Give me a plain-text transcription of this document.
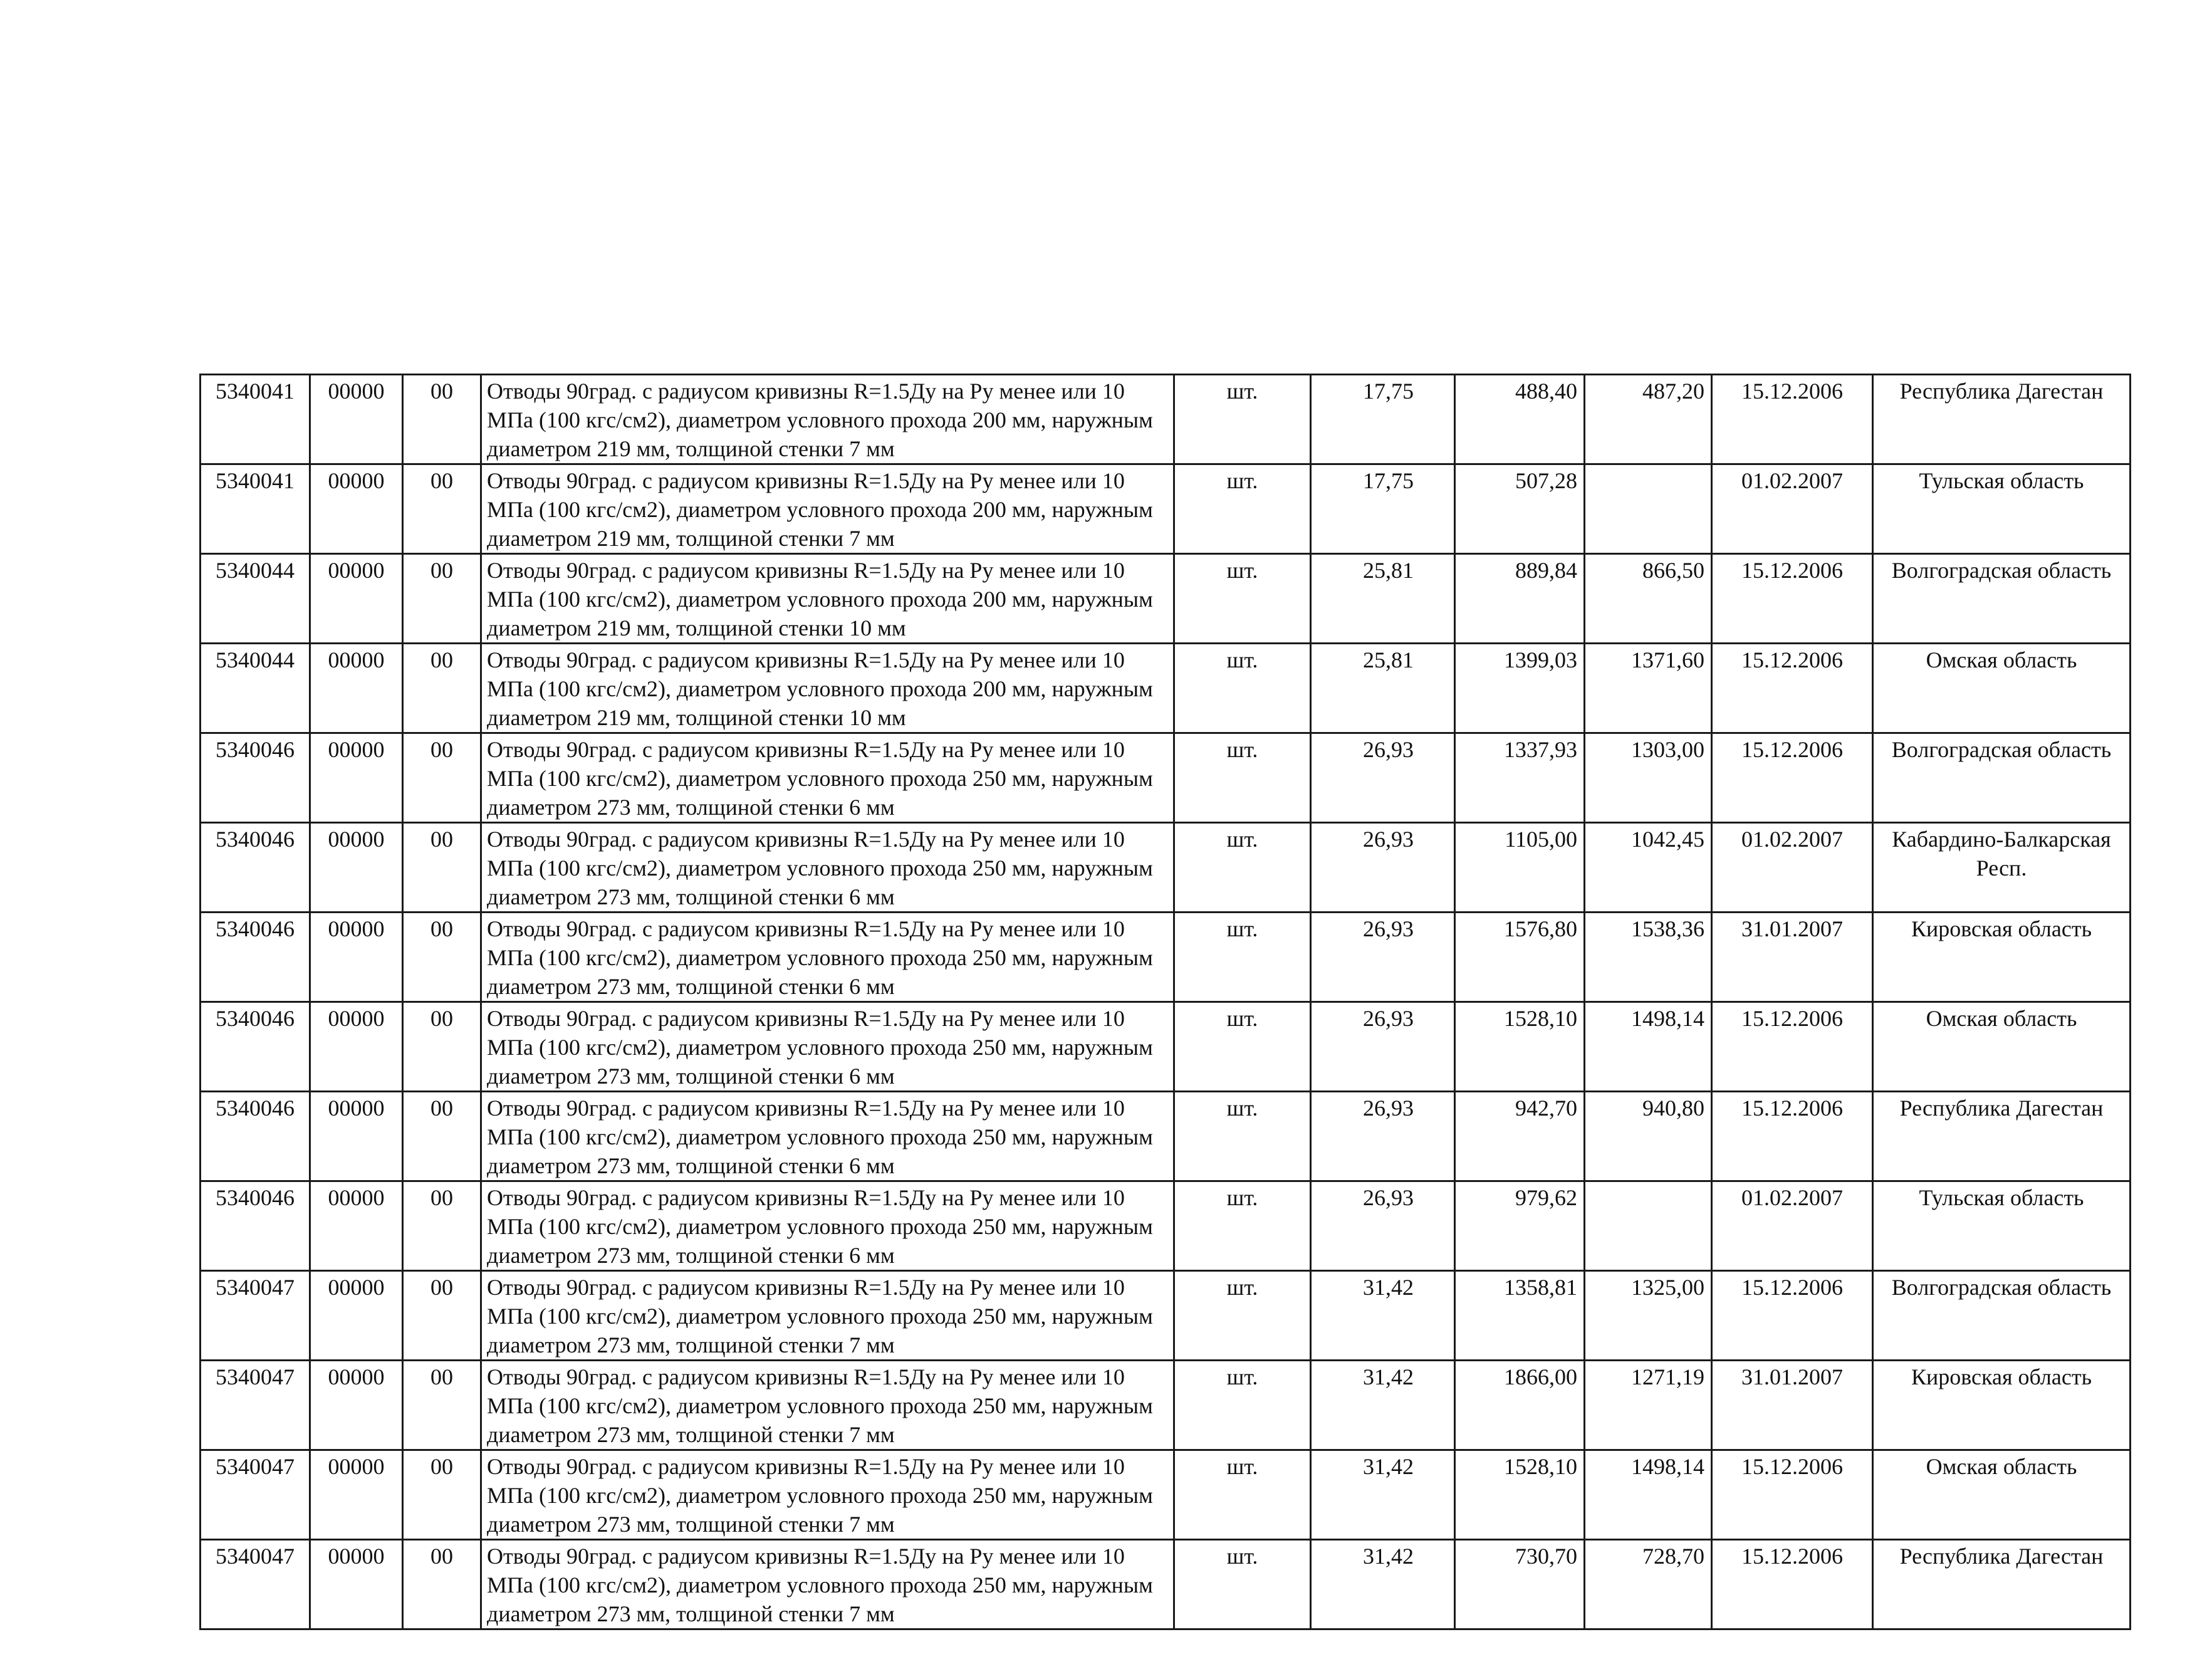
5340041	00000	00	Отводы 90град. с радиусом кривизны R=1.5Ду на Ру менее или 10 МПа (100 кгс/см2), диаметром условного прохода 200 мм, наружным диаметром 219 мм, толщиной стенки 7 мм	шт.	17,75	488,40	487,20	15.12.2006	Республика Дагестан
5340041	00000	00	Отводы 90град. с радиусом кривизны R=1.5Ду на Ру менее или 10 МПа (100 кгс/см2), диаметром условного прохода 200 мм, наружным диаметром 219 мм, толщиной стенки 7 мм	шт.	17,75	507,28		01.02.2007	Тульская область
5340044	00000	00	Отводы 90град. с радиусом кривизны R=1.5Ду на Ру менее или 10 МПа (100 кгс/см2), диаметром условного прохода 200 мм, наружным диаметром 219 мм, толщиной стенки 10 мм	шт.	25,81	889,84	866,50	15.12.2006	Волгоградская область
5340044	00000	00	Отводы 90град. с радиусом кривизны R=1.5Ду на Ру менее или 10 МПа (100 кгс/см2), диаметром условного прохода 200 мм, наружным диаметром 219 мм, толщиной стенки 10 мм	шт.	25,81	1399,03	1371,60	15.12.2006	Омская область
5340046	00000	00	Отводы 90град. с радиусом кривизны R=1.5Ду на Ру менее или 10 МПа (100 кгс/см2), диаметром условного прохода 250 мм, наружным диаметром 273 мм, толщиной стенки 6 мм	шт.	26,93	1337,93	1303,00	15.12.2006	Волгоградская область
5340046	00000	00	Отводы 90град. с радиусом кривизны R=1.5Ду на Ру менее или 10 МПа (100 кгс/см2), диаметром условного прохода 250 мм, наружным диаметром 273 мм, толщиной стенки 6 мм	шт.	26,93	1105,00	1042,45	01.02.2007	Кабардино-Балкарская Респ.
5340046	00000	00	Отводы 90град. с радиусом кривизны R=1.5Ду на Ру менее или 10 МПа (100 кгс/см2), диаметром условного прохода 250 мм, наружным диаметром 273 мм, толщиной стенки 6 мм	шт.	26,93	1576,80	1538,36	31.01.2007	Кировская область
5340046	00000	00	Отводы 90град. с радиусом кривизны R=1.5Ду на Ру менее или 10 МПа (100 кгс/см2), диаметром условного прохода 250 мм, наружным диаметром 273 мм, толщиной стенки 6 мм	шт.	26,93	1528,10	1498,14	15.12.2006	Омская область
5340046	00000	00	Отводы 90град. с радиусом кривизны R=1.5Ду на Ру менее или 10 МПа (100 кгс/см2), диаметром условного прохода 250 мм, наружным диаметром 273 мм, толщиной стенки 6 мм	шт.	26,93	942,70	940,80	15.12.2006	Республика Дагестан
5340046	00000	00	Отводы 90град. с радиусом кривизны R=1.5Ду на Ру менее или 10 МПа (100 кгс/см2), диаметром условного прохода 250 мм, наружным диаметром 273 мм, толщиной стенки 6 мм	шт.	26,93	979,62		01.02.2007	Тульская область
5340047	00000	00	Отводы 90град. с радиусом кривизны R=1.5Ду на Ру менее или 10 МПа (100 кгс/см2), диаметром условного прохода 250 мм, наружным диаметром 273 мм, толщиной стенки 7 мм	шт.	31,42	1358,81	1325,00	15.12.2006	Волгоградская область
5340047	00000	00	Отводы 90град. с радиусом кривизны R=1.5Ду на Ру менее или 10 МПа (100 кгс/см2), диаметром условного прохода 250 мм, наружным диаметром 273 мм, толщиной стенки 7 мм	шт.	31,42	1866,00	1271,19	31.01.2007	Кировская область
5340047	00000	00	Отводы 90град. с радиусом кривизны R=1.5Ду на Ру менее или 10 МПа (100 кгс/см2), диаметром условного прохода 250 мм, наружным диаметром 273 мм, толщиной стенки 7 мм	шт.	31,42	1528,10	1498,14	15.12.2006	Омская область
5340047	00000	00	Отводы 90град. с радиусом кривизны R=1.5Ду на Ру менее или 10 МПа (100 кгс/см2), диаметром условного прохода 250 мм, наружным диаметром 273 мм, толщиной стенки 7 мм	шт.	31,42	730,70	728,70	15.12.2006	Республика Дагестан
